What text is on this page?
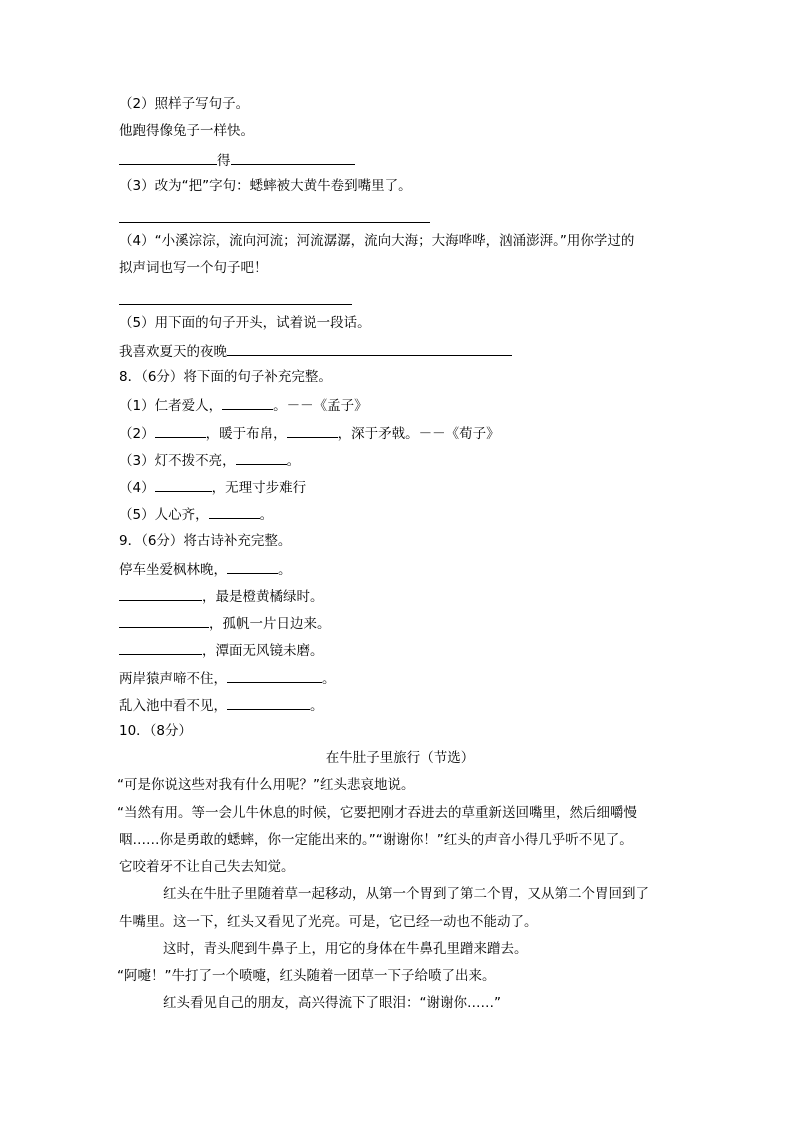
（2）照样子写句子。
他跑得像兔子一样快。
得
（3）改为“把”字句：蟋蟀被大黄牛卷到嘴里了。
（4）“小溪淙淙，流向河流；河流潺潺，流向大海；大海哗哗，汹涌澎湃。”用你学过的
拟声词也写一个句子吧！
（5）用下面的句子开头，试着说一段话。
我喜欢夏天的夜晚
8．（6分）将下面的句子补充完整。
（1）仁者爱人，	。－－《孟子》
（2）	，暖于布帛，	，深于矛戟。－－《荀子》
（3）灯不拨不亮，	。
（4）	，无理寸步难行
（5）人心齐，	。
9．（6分）将古诗补充完整。
停车坐爱枫林晚，	。
，最是橙黄橘绿时。
，孤帆一片日边来。
，潭面无风镜未磨。
两岸猿声啼不住，	。
乱入池中看不见，	。
10．（8分）
在牛肚子里旅行（节选）
“可是你说这些对我有什么用呢？”红头悲哀地说。
“当然有用。等一会儿牛休息的时候，它要把刚才吞进去的草重新送回嘴里，然后细嚼慢
咽……你是勇敢的蟋蟀，你一定能出来的。”“谢谢你！”红头的声音小得几乎听不见了。
它咬着牙不让自己失去知觉。
红头在牛肚子里随着草一起移动，从第一个胃到了第二个胃，又从第二个胃回到了
牛嘴里。这一下，红头又看见了光亮。可是，它已经一动也不能动了。
这时，青头爬到牛鼻子上，用它的身体在牛鼻孔里蹭来蹭去。
“阿嚏！”牛打了一个喷嚏，红头随着一团草一下子给喷了出来。
红头看见自己的朋友，高兴得流下了眼泪：“谢谢你……”
